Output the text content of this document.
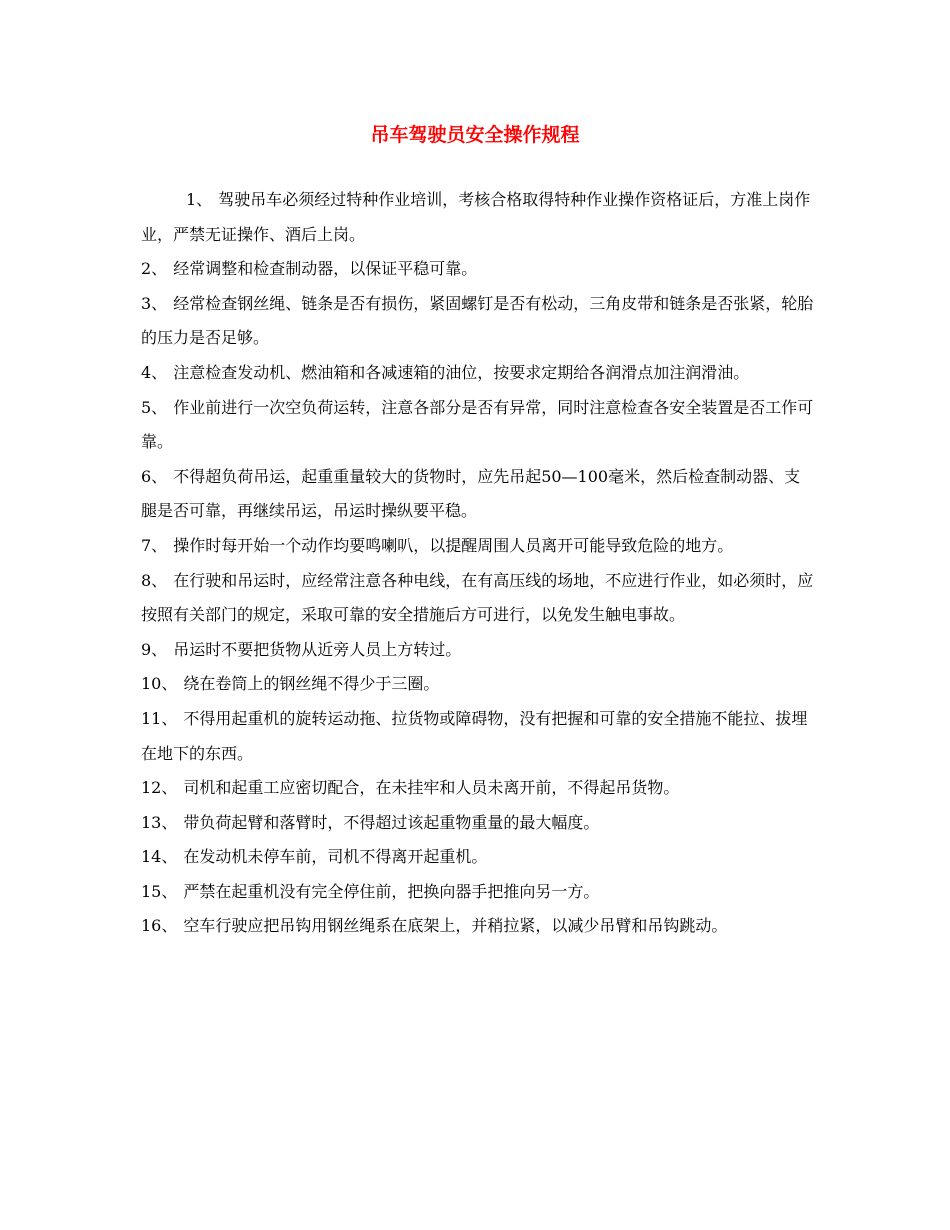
吊车驾驶员安全操作规程

1、 驾驶吊车必须经过特种作业培训，考核合格取得特种作业操作资格证后，方准上岗作业，严禁无证操作、酒后上岗。

2、 经常调整和检查制动器，以保证平稳可靠。

3、 经常检查钢丝绳、链条是否有损伤，紧固螺钉是否有松动，三角皮带和链条是否张紧，轮胎的压力是否足够。

4、 注意检查发动机、燃油箱和各减速箱的油位，按要求定期给各润滑点加注润滑油。

5、 作业前进行一次空负荷运转，注意各部分是否有异常，同时注意检查各安全装置是否工作可靠。

6、 不得超负荷吊运，起重重量较大的货物时，应先吊起50—100毫米，然后检查制动器、支腿是否可靠，再继续吊运，吊运时操纵要平稳。

7、 操作时每开始一个动作均要鸣喇叭，以提醒周围人员离开可能导致危险的地方。

8、 在行驶和吊运时，应经常注意各种电线，在有高压线的场地，不应进行作业，如必须时，应按照有关部门的规定，采取可靠的安全措施后方可进行，以免发生触电事故。

9、 吊运时不要把货物从近旁人员上方转过。

10、 绕在卷筒上的钢丝绳不得少于三圈。

11、 不得用起重机的旋转运动拖、拉货物或障碍物，没有把握和可靠的安全措施不能拉、拔埋在地下的东西。

12、 司机和起重工应密切配合，在未挂牢和人员未离开前，不得起吊货物。

13、 带负荷起臂和落臂时，不得超过该起重物重量的最大幅度。

14、 在发动机未停车前，司机不得离开起重机。

15、 严禁在起重机没有完全停住前，把换向器手把推向另一方。

16、 空车行驶应把吊钩用钢丝绳系在底架上，并稍拉紧，以减少吊臂和吊钩跳动。
